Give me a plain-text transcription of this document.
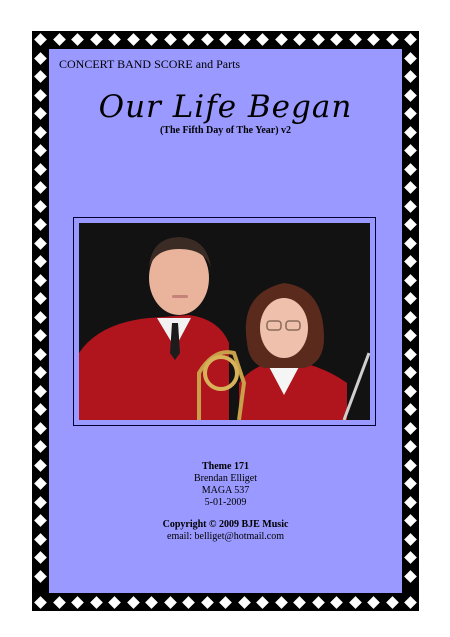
CONCERT BAND SCORE and Parts
Our Life Began
(The Fifth Day of The Year) v2
Theme 171
Brendan Elliget
MAGA 537
5-01-2009
Copyright © 2009 BJE Music
email: belliget@hotmail.com
